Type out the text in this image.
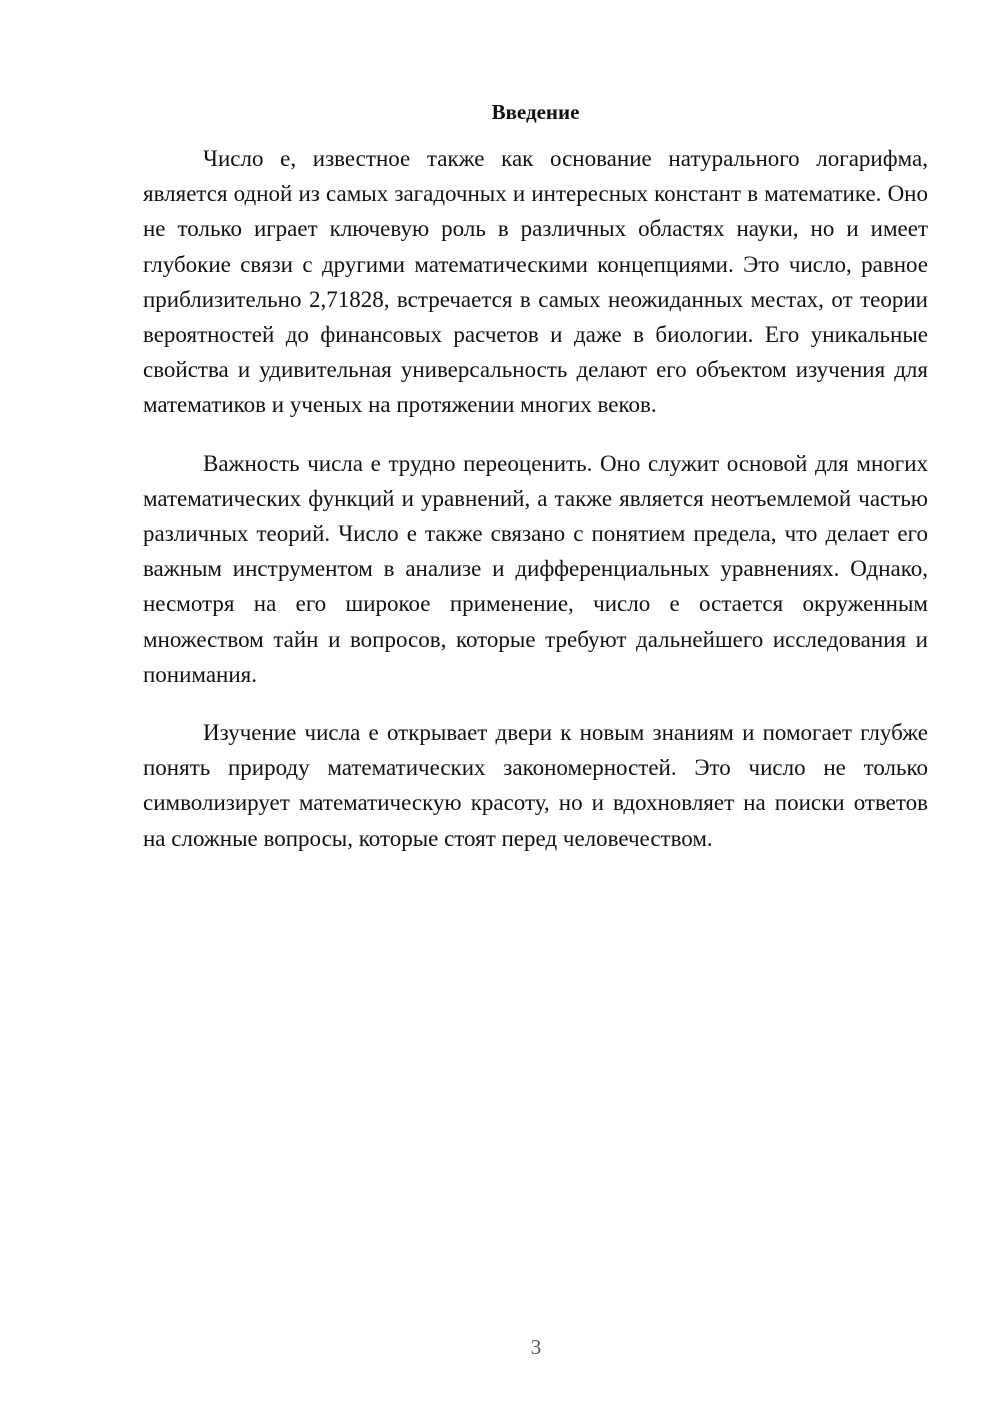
Введение

Число e, известное также как основание натурального логарифма, является одной из самых загадочных и интересных констант в математике. Оно не только играет ключевую роль в различных областях науки, но и имеет глубокие связи с другими математическими концепциями. Это число, равное приблизительно 2,71828, встречается в самых неожиданных местах, от теории вероятностей до финансовых расчетов и даже в биологии. Его уникальные свойства и удивительная универсальность делают его объектом изучения для математиков и ученых на протяжении многих веков.

Важность числа e трудно переоценить. Оно служит основой для многих математических функций и уравнений, а также является неотъемлемой частью различных теорий. Число e также связано с понятием предела, что делает его важным инструментом в анализе и дифференциальных уравнениях. Однако, несмотря на его широкое применение, число e остается окруженным множеством тайн и вопросов, которые требуют дальнейшего исследования и понимания.

Изучение числа e открывает двери к новым знаниям и помогает глубже понять природу математических закономерностей. Это число не только символизирует математическую красоту, но и вдохновляет на поиски ответов на сложные вопросы, которые стоят перед человечеством.

3
